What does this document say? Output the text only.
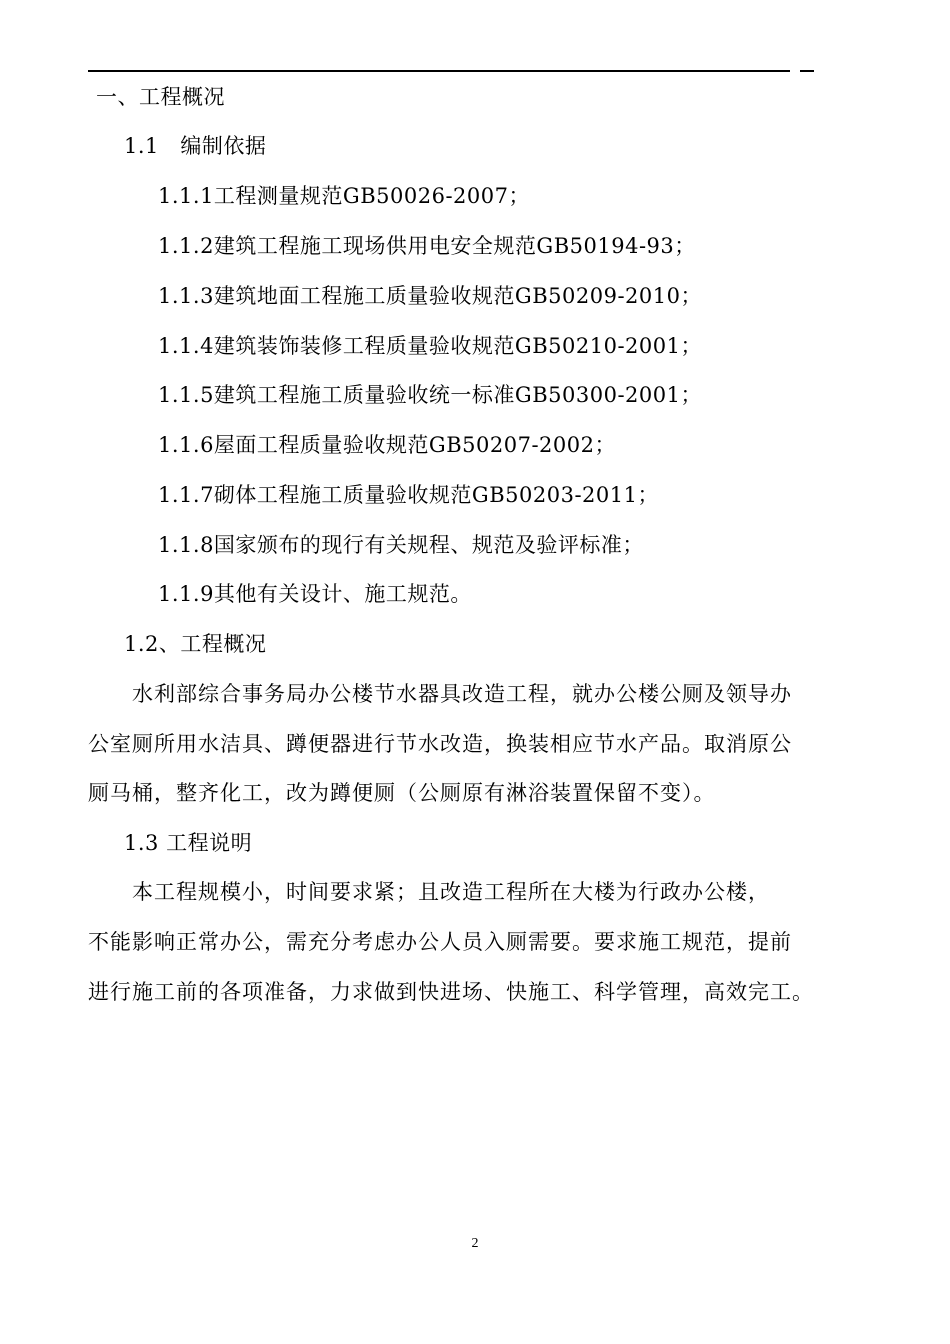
一、工程概况
1.1　编制依据
1.1.1工程测量规范GB50026-2007；
1.1.2建筑工程施工现场供用电安全规范GB50194-93；
1.1.3建筑地面工程施工质量验收规范GB50209-2010；
1.1.4建筑装饰装修工程质量验收规范GB50210-2001；
1.1.5建筑工程施工质量验收统一标准GB50300-2001；
1.1.6屋面工程质量验收规范GB50207-2002；
1.1.7砌体工程施工质量验收规范GB50203-2011；
1.1.8国家颁布的现行有关规程、规范及验评标准；
1.1.9其他有关设计、施工规范。
1.2、工程概况
　　水利部综合事务局办公楼节水器具改造工程，就办公楼公厕及领导办
公室厕所用水洁具、蹲便器进行节水改造，换装相应节水产品。取消原公
厕马桶，整齐化工，改为蹲便厕（公厕原有淋浴装置保留不变）。
1.3 工程说明
　　本工程规模小，时间要求紧；且改造工程所在大楼为行政办公楼，
不能影响正常办公，需充分考虑办公人员入厕需要。要求施工规范，提前
进行施工前的各项准备，力求做到快进场、快施工、科学管理，高效完工。
2
